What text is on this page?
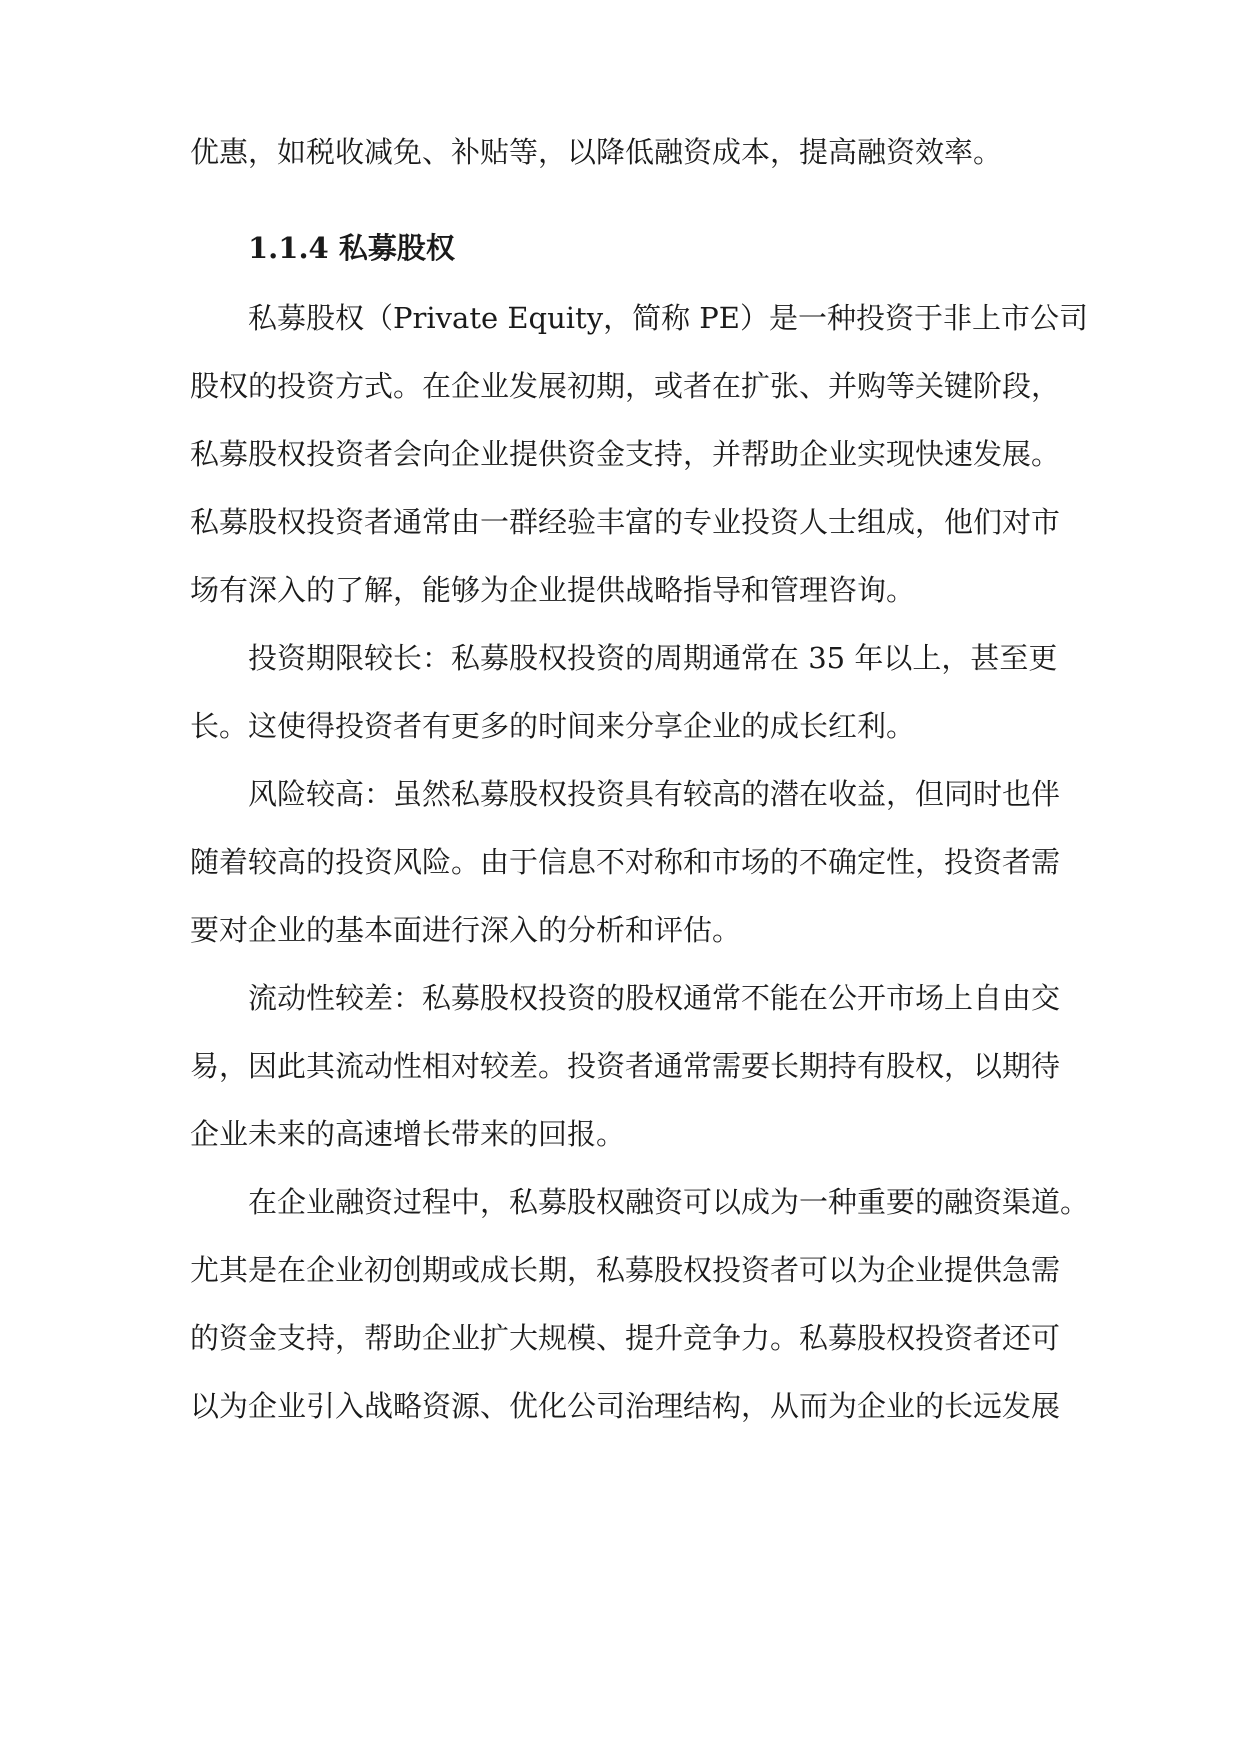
优惠，如税收减免、补贴等，以降低融资成本，提高融资效率。
1.1.4 私募股权
私募股权（Private Equity，简称 PE）是一种投资于非上市公司
股权的投资方式。在企业发展初期，或者在扩张、并购等关键阶段，
私募股权投资者会向企业提供资金支持，并帮助企业实现快速发展。
私募股权投资者通常由一群经验丰富的专业投资人士组成，他们对市
场有深入的了解，能够为企业提供战略指导和管理咨询。
投资期限较长：私募股权投资的周期通常在 35 年以上，甚至更
长。这使得投资者有更多的时间来分享企业的成长红利。
风险较高：虽然私募股权投资具有较高的潜在收益，但同时也伴
随着较高的投资风险。由于信息不对称和市场的不确定性，投资者需
要对企业的基本面进行深入的分析和评估。
流动性较差：私募股权投资的股权通常不能在公开市场上自由交
易，因此其流动性相对较差。投资者通常需要长期持有股权，以期待
企业未来的高速增长带来的回报。
在企业融资过程中，私募股权融资可以成为一种重要的融资渠道。
尤其是在企业初创期或成长期，私募股权投资者可以为企业提供急需
的资金支持，帮助企业扩大规模、提升竞争力。私募股权投资者还可
以为企业引入战略资源、优化公司治理结构，从而为企业的长远发展
